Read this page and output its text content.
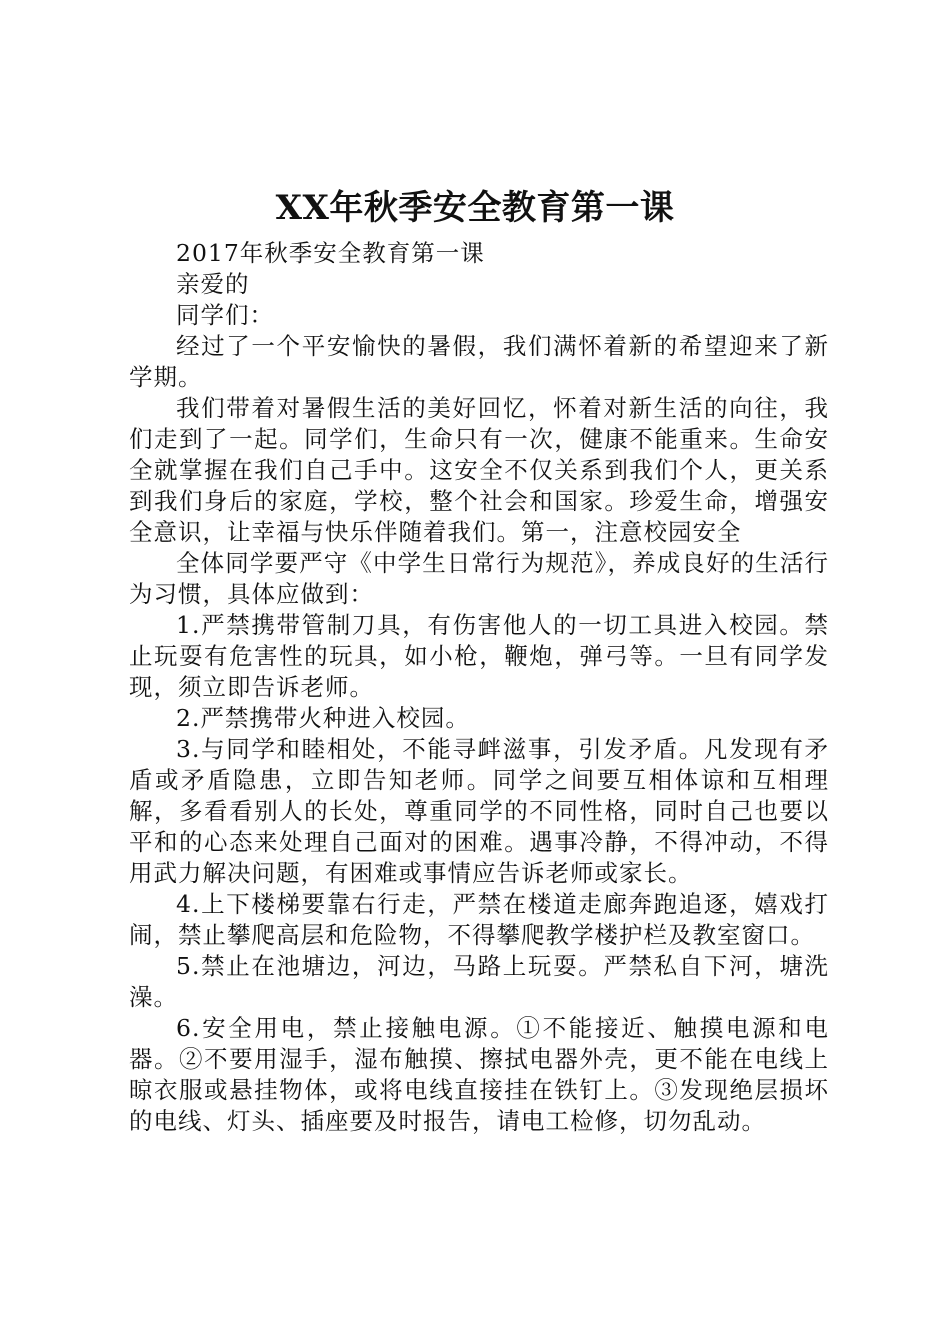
XX年秋季安全教育第一课

2017年秋季安全教育第一课

亲爱的

同学们：

经过了一个平安愉快的暑假，我们满怀着新的希望迎来了新学期。

我们带着对暑假生活的美好回忆，怀着对新生活的向往，我们走到了一起。同学们，生命只有一次，健康不能重来。生命安全就掌握在我们自己手中。这安全不仅关系到我们个人，更关系到我们身后的家庭，学校，整个社会和国家。珍爱生命，增强安全意识，让幸福与快乐伴随着我们。第一，注意校园安全

全体同学要严守《中学生日常行为规范》，养成良好的生活行为习惯，具体应做到：

1.严禁携带管制刀具，有伤害他人的一切工具进入校园。禁止玩耍有危害性的玩具，如小枪，鞭炮，弹弓等。一旦有同学发现，须立即告诉老师。

2.严禁携带火种进入校园。

3.与同学和睦相处，不能寻衅滋事，引发矛盾。凡发现有矛盾或矛盾隐患，立即告知老师。同学之间要互相体谅和互相理解，多看看别人的长处，尊重同学的不同性格，同时自己也要以平和的心态来处理自己面对的困难。遇事冷静，不得冲动，不得用武力解决问题，有困难或事情应告诉老师或家长。

4.上下楼梯要靠右行走，严禁在楼道走廊奔跑追逐，嬉戏打闹，禁止攀爬高层和危险物，不得攀爬教学楼护栏及教室窗口。

5.禁止在池塘边，河边，马路上玩耍。严禁私自下河，塘洗澡。

6.安全用电，禁止接触电源。①不能接近、触摸电源和电器。②不要用湿手，湿布触摸、擦拭电器外壳，更不能在电线上晾衣服或悬挂物体，或将电线直接挂在铁钉上。③发现绝层损坏的电线、灯头、插座要及时报告，请电工检修，切勿乱动。
